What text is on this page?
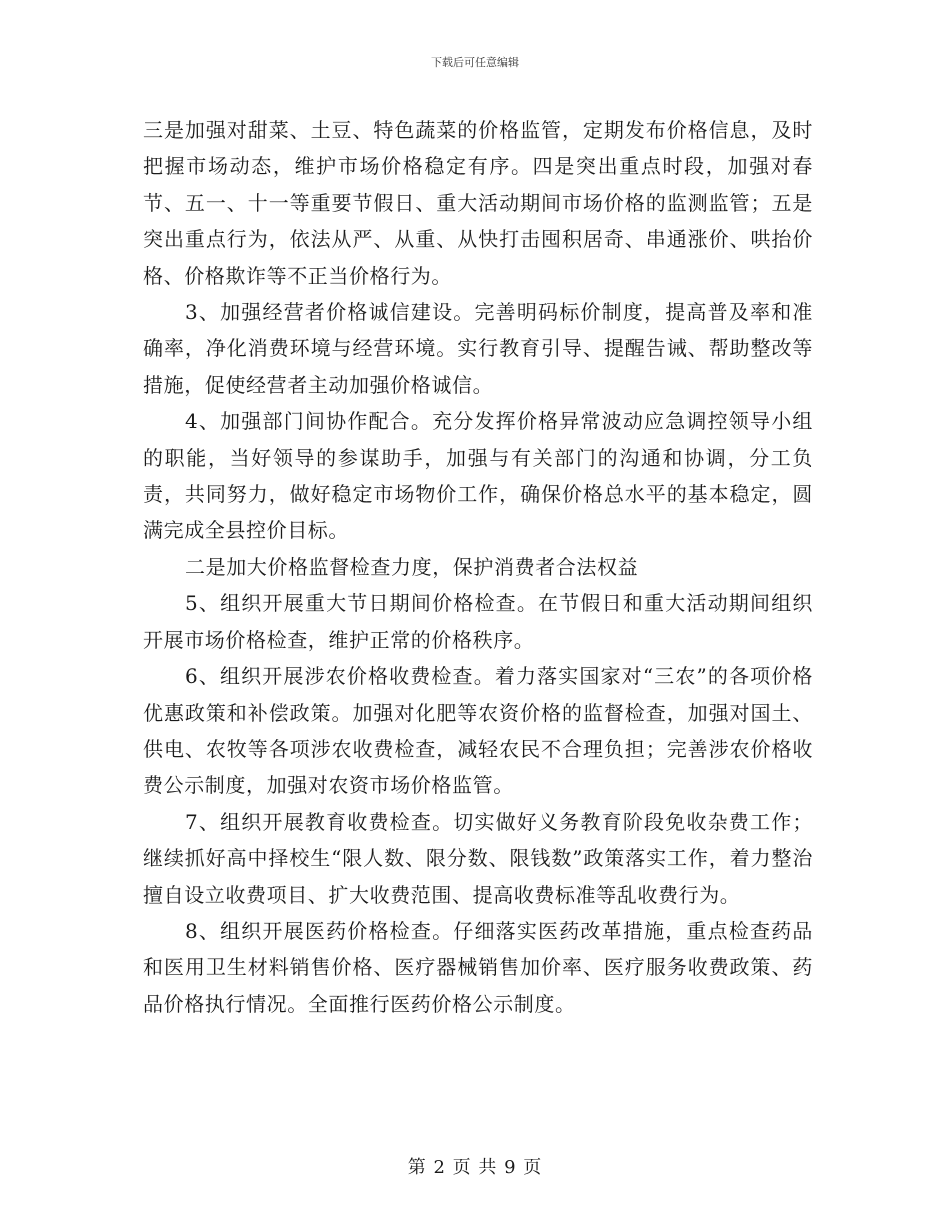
下载后可任意编辑

三是加强对甜菜、土豆、特色蔬菜的价格监管，定期发布价格信息，及时把握市场动态，维护市场价格稳定有序。四是突出重点时段，加强对春节、五一、十一等重要节假日、重大活动期间市场价格的监测监管；五是突出重点行为，依法从严、从重、从快打击囤积居奇、串通涨价、哄抬价格、价格欺诈等不正当价格行为。

3、加强经营者价格诚信建设。完善明码标价制度，提高普及率和准确率，净化消费环境与经营环境。实行教育引导、提醒告诫、帮助整改等措施，促使经营者主动加强价格诚信。

4、加强部门间协作配合。充分发挥价格异常波动应急调控领导小组的职能，当好领导的参谋助手，加强与有关部门的沟通和协调，分工负责，共同努力，做好稳定市场物价工作，确保价格总水平的基本稳定，圆满完成全县控价目标。

二是加大价格监督检查力度，保护消费者合法权益

5、组织开展重大节日期间价格检查。在节假日和重大活动期间组织开展市场价格检查，维护正常的价格秩序。

6、组织开展涉农价格收费检查。着力落实国家对“三农”的各项价格优惠政策和补偿政策。加强对化肥等农资价格的监督检查，加强对国土、供电、农牧等各项涉农收费检查，减轻农民不合理负担；完善涉农价格收费公示制度，加强对农资市场价格监管。

7、组织开展教育收费检查。切实做好义务教育阶段免收杂费工作；继续抓好高中择校生“限人数、限分数、限钱数”政策落实工作，着力整治擅自设立收费项目、扩大收费范围、提高收费标准等乱收费行为。

8、组织开展医药价格检查。仔细落实医药改革措施，重点检查药品和医用卫生材料销售价格、医疗器械销售加价率、医疗服务收费政策、药品价格执行情况。全面推行医药价格公示制度。

第 2 页 共 9 页
